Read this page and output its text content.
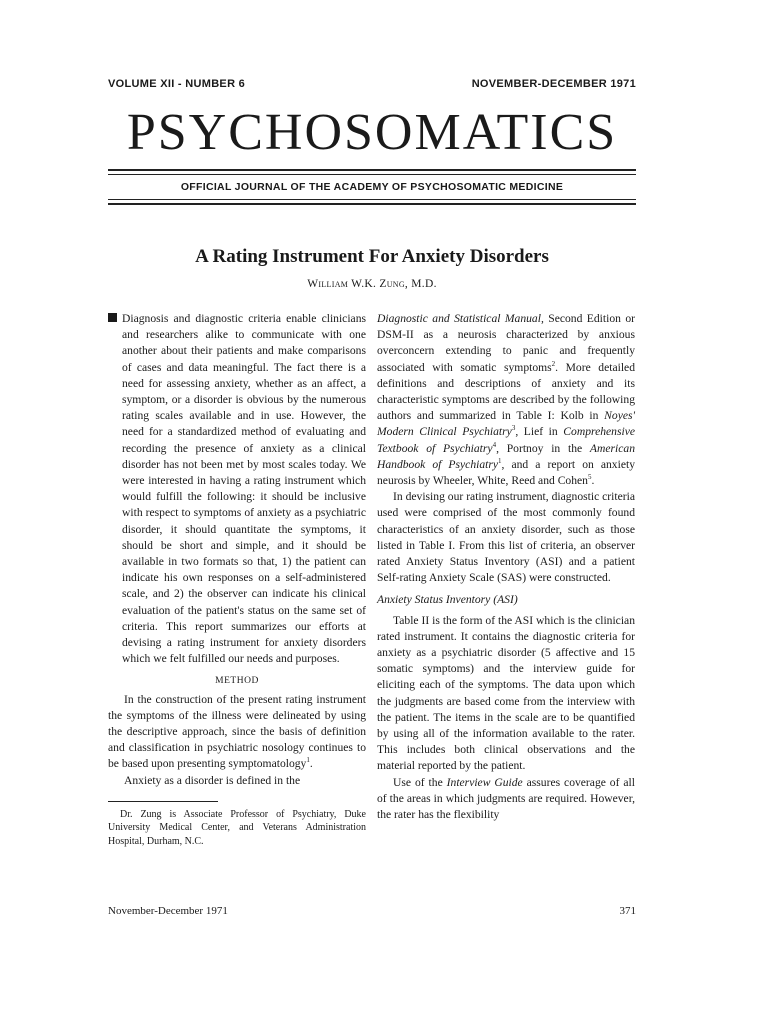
VOLUME XII - NUMBER 6	NOVEMBER-DECEMBER 1971
PSYCHOSOMATICS
OFFICIAL JOURNAL OF THE ACADEMY OF PSYCHOSOMATIC MEDICINE
A Rating Instrument For Anxiety Disorders
William W.K. Zung, M.D.

Diagnosis and diagnostic criteria enable clinicians and researchers alike to communicate with one another about their patients and make comparisons of cases and data meaningful. The fact there is a need for assessing anxiety, whether as an affect, a symptom, or a disorder is obvious by the numerous rating scales available and in use. However, the need for a standardized method of evaluating and recording the presence of anxiety as a clinical disorder has not been met by most scales today. We were interested in having a rating instrument which would fulfill the following: it should be inclusive with respect to symptoms of anxiety as a psychiatric disorder, it should quantitate the symptoms, it should be short and simple, and it should be available in two formats so that, 1) the patient can indicate his own responses on a self-administered scale, and 2) the observer can indicate his clinical evaluation of the patient's status on the same set of criteria. This report summarizes our efforts at devising a rating instrument for anxiety disorders which we felt fulfilled our needs and purposes.

METHOD

In the construction of the present rating instrument the symptoms of the illness were delineated by using the descriptive approach, since the basis of definition and classification in psychiatric nosology continues to be based upon presenting symptomatology$^1$.

Anxiety as a disorder is defined in the

Dr. Zung is Associate Professor of Psychiatry, Duke University Medical Center, and Veterans Administration Hospital, Durham, N.C.

Diagnostic and Statistical Manual, Second Edition or DSM-II as a neurosis characterized by anxious overconcern extending to panic and frequently associated with somatic symptoms$^2$. More detailed definitions and descriptions of anxiety and its characteristic symptoms are described by the following authors and summarized in Table I: Kolb in Noyes' Modern Clinical Psychiatry$^3$, Lief in Comprehensive Textbook of Psychiatry$^4$, Portnoy in the American Handbook of Psychiatry$^1$, and a report on anxiety neurosis by Wheeler, White, Reed and Cohen$^5$.

In devising our rating instrument, diagnostic criteria used were comprised of the most commonly found characteristics of an anxiety disorder, such as those listed in Table I. From this list of criteria, an observer rated Anxiety Status Inventory (ASI) and a patient Self-rating Anxiety Scale (SAS) were constructed.

Anxiety Status Inventory (ASI)

Table II is the form of the ASI which is the clinician rated instrument. It contains the diagnostic criteria for anxiety as a psychiatric disorder (5 affective and 15 somatic symptoms) and the interview guide for eliciting each of the symptoms. The data upon which the judgments are based come from the interview with the patient. The items in the scale are to be quantified by using all of the information available to the rater. This includes both clinical observations and the material reported by the patient.

Use of the Interview Guide assures coverage of all of the areas in which judgments are required. However, the rater has the flexibility

November-December 1971	371
